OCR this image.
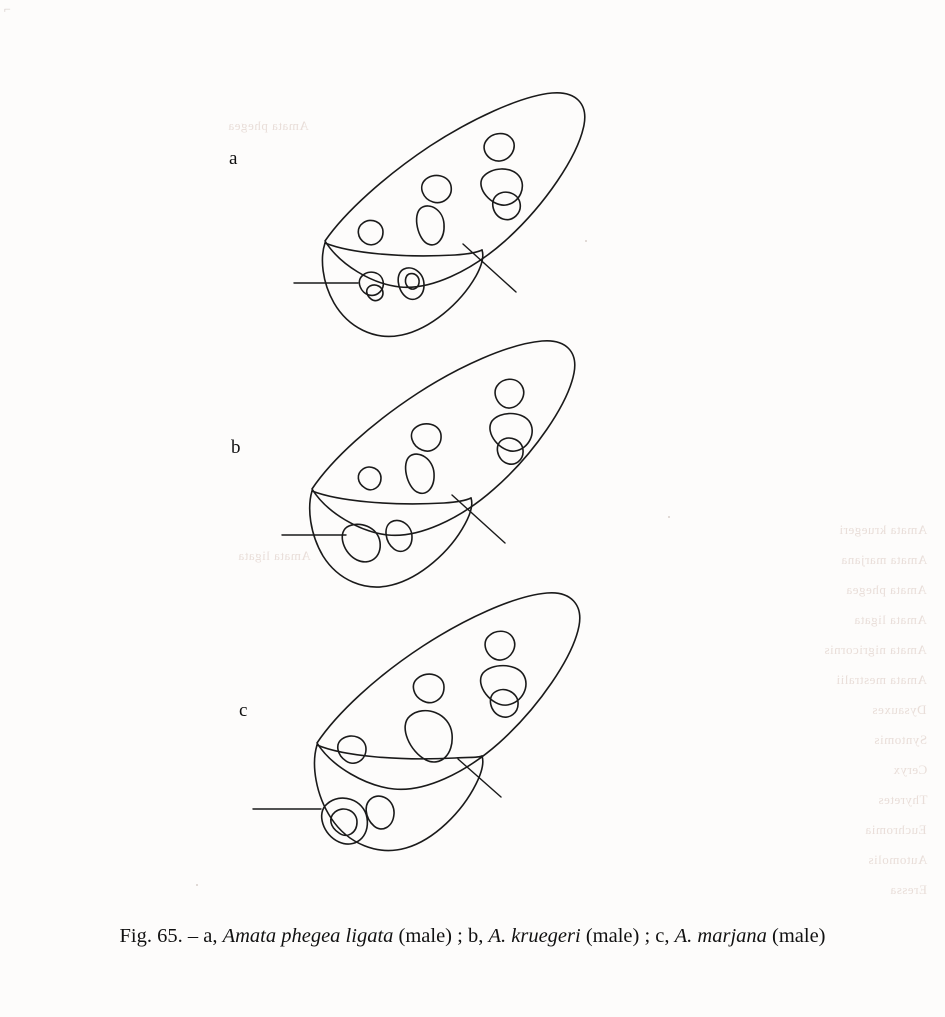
⌐
Amata kruegeri
Amata marjana
Amata phegea
Amata ligata
Amata nigricornis
Amata mestralii
Dysauxes
Syntomis
Ceryx
Thyretes
Euchromia
Automolis
Eressa
Amata phegea
Amata ligata
a
b
c
Fig. 65. – a, Amata phegea ligata (male) ; b, A. kruegeri (male) ; c, A. marjana (male)
